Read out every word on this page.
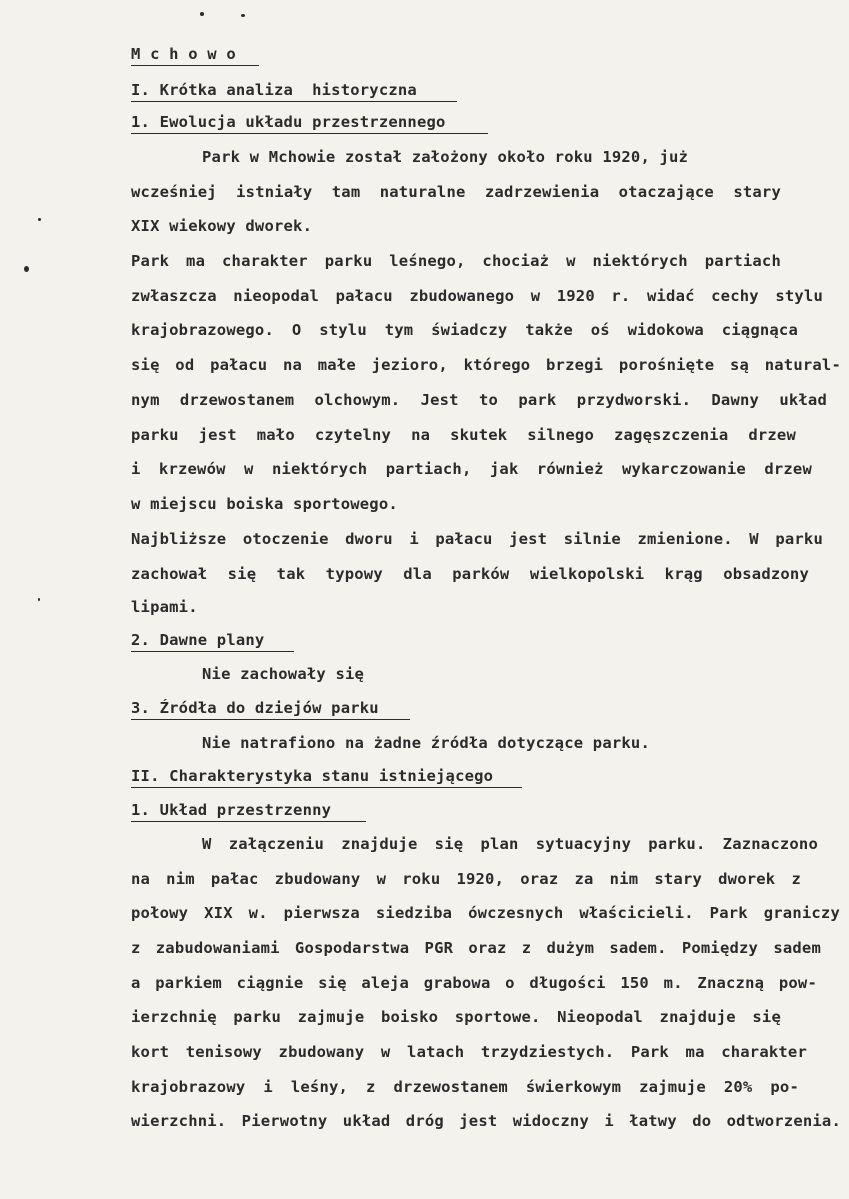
M c h o w o
I. Krótka analiza  historyczna
1. Ewolucja układu przestrzennego
Park w Mchowie został założony około roku 1920, już
wcześniej istniały tam naturalne zadrzewienia otaczające stary
XIX wiekowy dworek.
Park ma charakter parku leśnego, chociaż w niektórych partiach
zwłaszcza nieopodal pałacu zbudowanego w 1920 r. widać cechy stylu
krajobrazowego. O stylu tym świadczy także oś widokowa ciągnąca
się od pałacu na małe jezioro, którego brzegi porośnięte są natural-
nym drzewostanem olchowym. Jest to park przydworski. Dawny układ
parku jest mało czytelny na skutek silnego zagęszczenia drzew
i krzewów w niektórych partiach, jak również wykarczowanie drzew
w miejscu boiska sportowego.
Najbliższe otoczenie dworu i pałacu jest silnie zmienione. W parku
zachował się tak typowy dla parków wielkopolski krąg obsadzony
lipami.
2. Dawne plany
Nie zachowały się
3. Źródła do dziejów parku
Nie natrafiono na żadne źródła dotyczące parku.
II. Charakterystyka stanu istniejącego
1. Układ przestrzenny
W załączeniu znajduje się plan sytuacyjny parku. Zaznaczono
na nim pałac zbudowany w roku 1920, oraz za nim stary dworek z
połowy XIX w. pierwsza siedziba ówczesnych właścicieli. Park graniczy
z zabudowaniami Gospodarstwa PGR oraz z dużym sadem. Pomiędzy sadem
a parkiem ciągnie się aleja grabowa o długości 150 m. Znaczną pow-
ierzchnię parku zajmuje boisko sportowe. Nieopodal znajduje się
kort tenisowy zbudowany w latach trzydziestych. Park ma charakter
krajobrazowy i leśny, z drzewostanem świerkowym zajmuje 20% po-
wierzchni. Pierwotny układ dróg jest widoczny i łatwy do odtworzenia.
